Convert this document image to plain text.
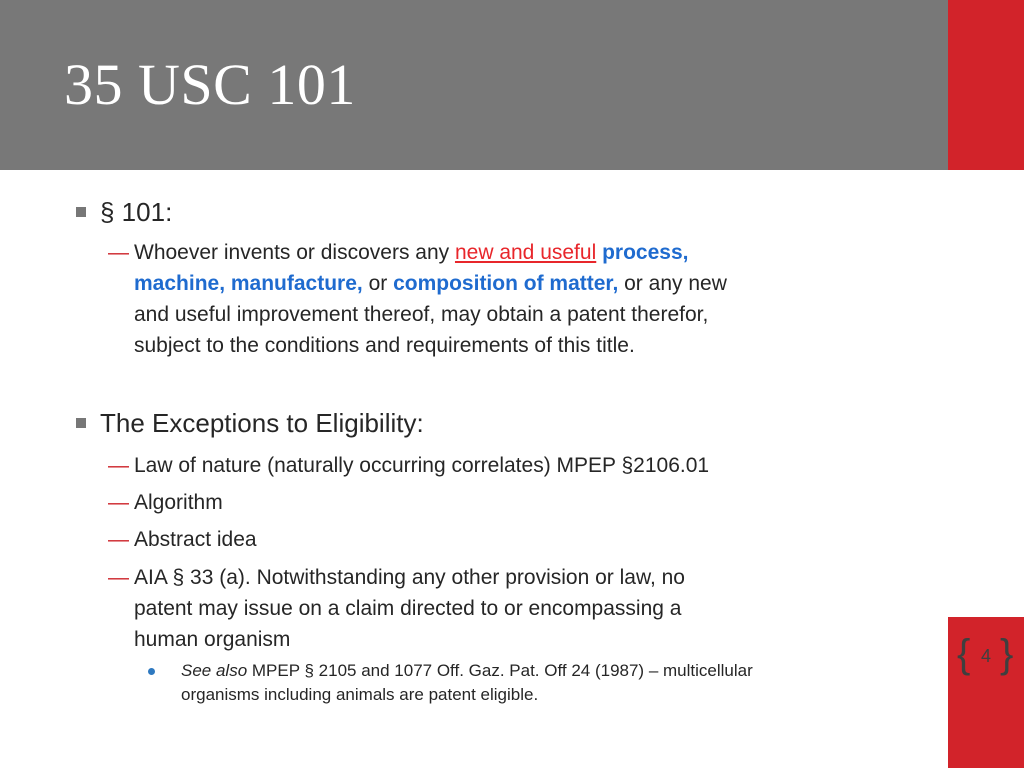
35 USC 101
DrinkerBiddle
{ }
4
§ 101:
— Whoever invents or discovers any new and useful process,
machine, manufacture, or composition of matter, or any new
and useful improvement thereof, may obtain a patent therefor,
subject to the conditions and requirements of this title.
The Exceptions to Eligibility:
— Law of nature (naturally occurring correlates) MPEP §2106.01
— Algorithm
— Abstract idea
— AIA § 33 (a). Notwithstanding any other provision or law, no
patent may issue on a claim directed to or encompassing a
human organism
See also MPEP § 2105 and 1077 Off. Gaz. Pat. Off 24 (1987) – multicellular
organisms including animals are patent eligible.
